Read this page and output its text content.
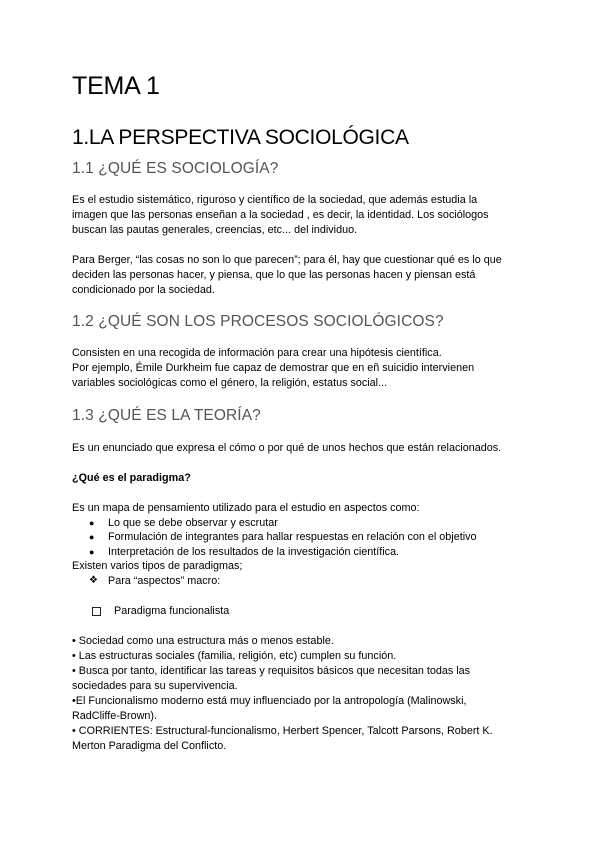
TEMA 1
1.LA PERSPECTIVA SOCIOLÓGICA
1.1 ¿QUÉ ES SOCIOLOGÍA?

Es el estudio sistemático, riguroso y científico de la sociedad, que además estudia la
imagen que las personas enseñan a la sociedad , es decir, la identidad. Los sociólogos
buscan las pautas generales, creencias, etc... del individuo.

Para Berger, “las cosas no son lo que parecen”; para él, hay que cuestionar qué es lo que
deciden las personas hacer, y piensa, que lo que las personas hacen y piensan está
condicionado por la sociedad.

1.2 ¿QUÉ SON LOS PROCESOS SOCIOLÓGICOS?

Consisten en una recogida de información para crear una hipótesis científica.
Por ejemplo, Émile Durkheim fue capaz de demostrar que en eñ suicidio intervienen
variables sociológicas como el género, la religión, estatus social...

1.3 ¿QUÉ ES LA TEORÍA?

Es un enunciado que expresa el cómo o por qué de unos hechos que están relacionados.

¿Qué es el paradigma?

Es un mapa de pensamiento utilizado para el estudio en aspectos como:
● Lo que se debe observar y escrutar
● Formulación de integrantes para hallar respuestas en relación con el objetivo
● Interpretación de los resultados de la investigación científica.
Existen varios tipos de paradigmas;
❖ Para “aspectos” macro:
Paradigma funcionalista

• Sociedad como una estructura más o menos estable.
• Las estructuras sociales (familia, religión, etc) cumplen su función.
• Busca por tanto, identificar las tareas y requisitos básicos que necesitan todas las
sociedades para su supervivencia.
•El Funcionalismo moderno está muy influenciado por la antropología (Malinowski,
RadCliffe-Brown).
• CORRIENTES: Estructural-funcionalismo, Herbert Spencer, Talcott Parsons, Robert K.
Merton Paradigma del Conflicto.
